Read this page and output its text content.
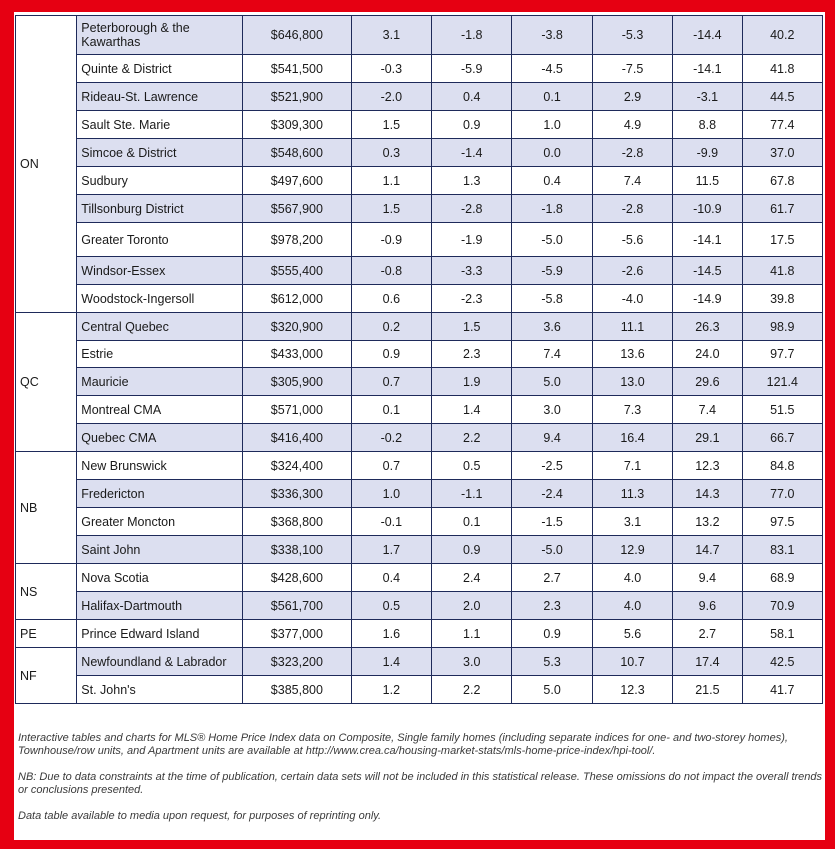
ON	Peterborough & the Kawarthas	$646,800	3.1	-1.8	-3.8	-5.3	-14.4	40.2
	Quinte & District	$541,500	-0.3	-5.9	-4.5	-7.5	-14.1	41.8
	Rideau-St. Lawrence	$521,900	-2.0	0.4	0.1	2.9	-3.1	44.5
	Sault Ste. Marie	$309,300	1.5	0.9	1.0	4.9	8.8	77.4
	Simcoe & District	$548,600	0.3	-1.4	0.0	-2.8	-9.9	37.0
	Sudbury	$497,600	1.1	1.3	0.4	7.4	11.5	67.8
	Tillsonburg District	$567,900	1.5	-2.8	-1.8	-2.8	-10.9	61.7
	Greater Toronto	$978,200	-0.9	-1.9	-5.0	-5.6	-14.1	17.5
	Windsor-Essex	$555,400	-0.8	-3.3	-5.9	-2.6	-14.5	41.8
	Woodstock-Ingersoll	$612,000	0.6	-2.3	-5.8	-4.0	-14.9	39.8
QC	Central Quebec	$320,900	0.2	1.5	3.6	11.1	26.3	98.9
	Estrie	$433,000	0.9	2.3	7.4	13.6	24.0	97.7
	Mauricie	$305,900	0.7	1.9	5.0	13.0	29.6	121.4
	Montreal CMA	$571,000	0.1	1.4	3.0	7.3	7.4	51.5
	Quebec CMA	$416,400	-0.2	2.2	9.4	16.4	29.1	66.7
NB	New Brunswick	$324,400	0.7	0.5	-2.5	7.1	12.3	84.8
	Fredericton	$336,300	1.0	-1.1	-2.4	11.3	14.3	77.0
	Greater Moncton	$368,800	-0.1	0.1	-1.5	3.1	13.2	97.5
	Saint John	$338,100	1.7	0.9	-5.0	12.9	14.7	83.1
NS	Nova Scotia	$428,600	0.4	2.4	2.7	4.0	9.4	68.9
	Halifax-Dartmouth	$561,700	0.5	2.0	2.3	4.0	9.6	70.9
PE	Prince Edward Island	$377,000	1.6	1.1	0.9	5.6	2.7	58.1
NF	Newfoundland & Labrador	$323,200	1.4	3.0	5.3	10.7	17.4	42.5
	St. John's	$385,800	1.2	2.2	5.0	12.3	21.5	41.7

Interactive tables and charts for MLS® Home Price Index data on Composite, Single family homes (including separate indices for one- and two-storey homes), Townhouse/row units, and Apartment units are available at http://www.crea.ca/housing-market-stats/mls-home-price-index/hpi-tool/.

NB: Due to data constraints at the time of publication, certain data sets will not be included in this statistical release. These omissions do not impact the overall trends or conclusions presented.

Data table available to media upon request, for purposes of reprinting only.
